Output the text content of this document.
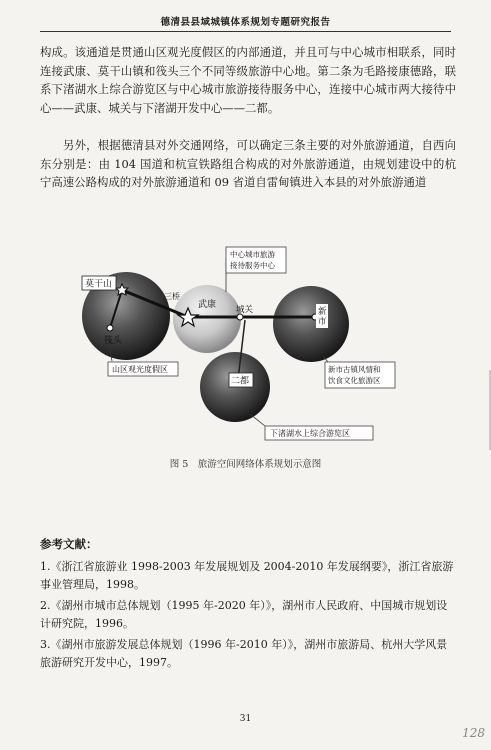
德清县县域城镇体系规划专题研究报告
构成。该通道是贯通山区观光度假区的内部通道，并且可与中心城市相联系，同时连接武康、莫干山镇和筏头三个不同等级旅游中心地。第二条为毛路接康德路，联系下渚湖水上综合游览区与中心城市旅游接待服务中心，连接中心城市两大接待中心——武康、城关与下渚湖开发中心——二都。
另外，根据德清县对外交通网络，可以确定三条主要的对外旅游通道，自西向东分别是：由 104 国道和杭宣铁路组合构成的对外旅游通道，由规划建设中的杭宁高速公路构成的对外旅游通道和 09 省道自雷甸镇进入本县的对外旅游通道
莫干山
筏头
三桥
武康 城关	新市
二都
中心城市旅游 接待服务中心
山区观光度假区	新市古镇风情和 饮食文化旅游区
下渚湖水上综合游览区
图 5　旅游空间网络体系规划示意图
参考文献：
1.《浙江省旅游业 1998-2003 年发展规划及 2004-2010 年发展纲要》，浙江省旅游事业管理局，1998。
2.《湖州市城市总体规划（1995 年-2020 年）》，湖州市人民政府、中国城市规划设计研究院，1996。
3.《湖州市旅游发展总体规划（1996 年-2010 年）》，湖州市旅游局、杭州大学风景旅游研究开发中心，1997。
31
128
